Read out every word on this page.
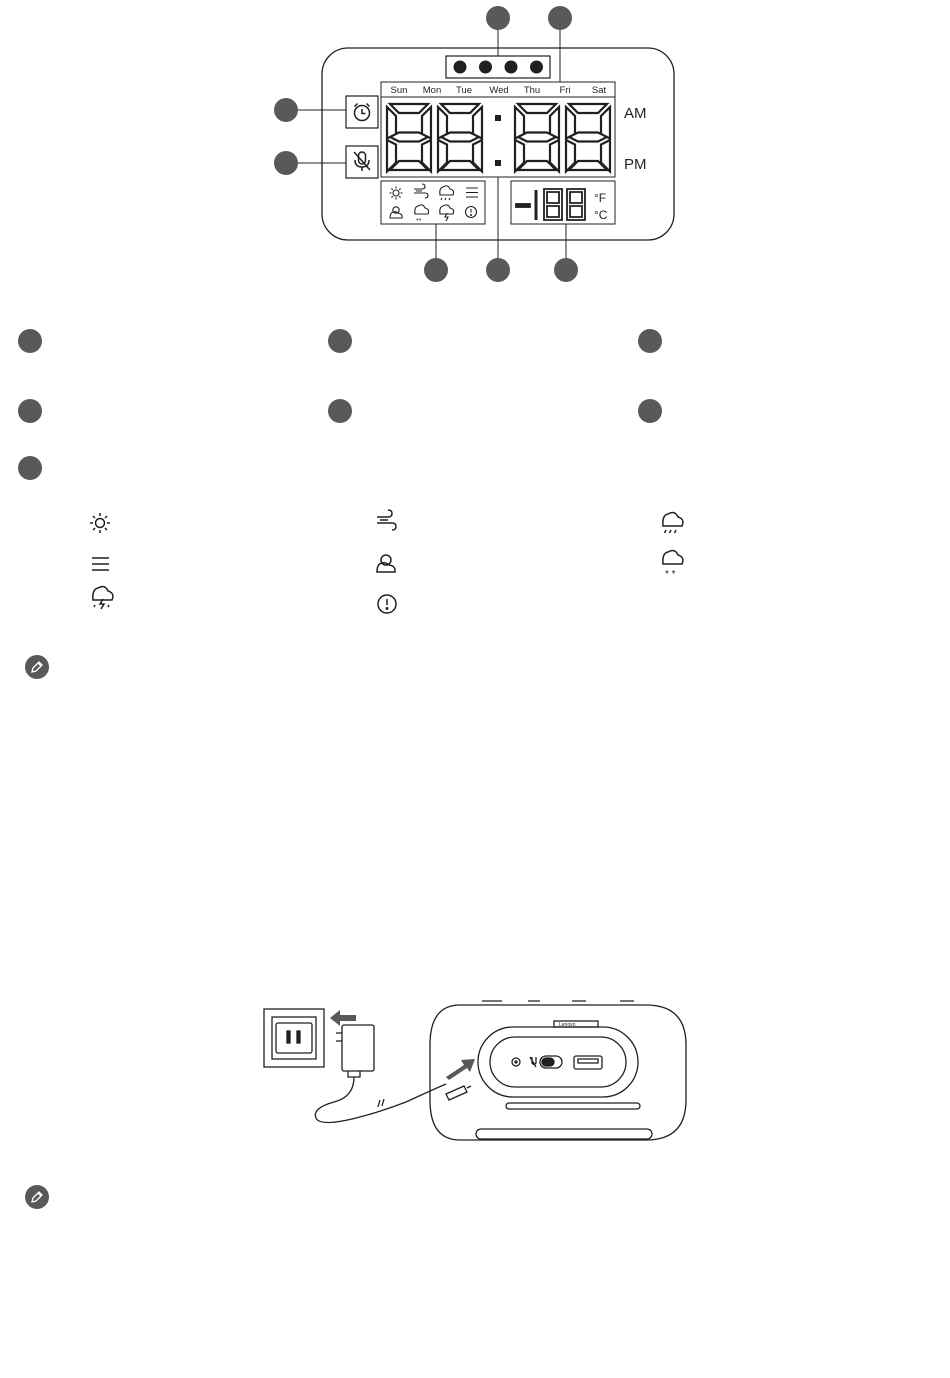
Sun Mon Tue Wed Thu Fri Sat
AM
PM
**
°F
°C
* *
Lenovo
